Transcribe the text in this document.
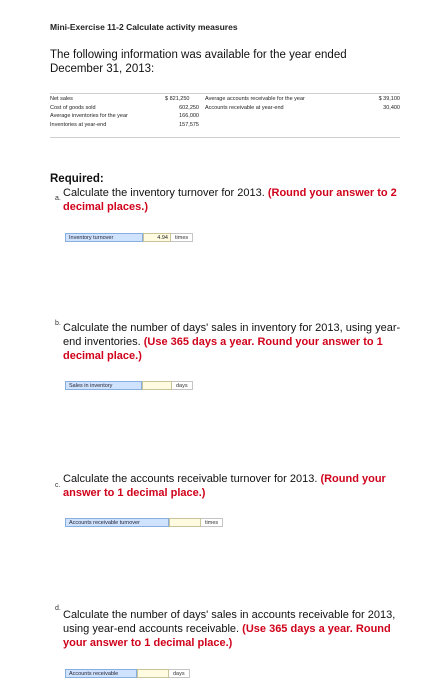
Mini-Exercise 11-2 Calculate activity measures
The following information was available for the year ended December 31, 2013:
Net sales	$ 821,250	Average accounts receivable for the year	$ 39,100
Cost of goods sold	602,250	Accounts receivable at year-end	30,400
Average inventories for the year	166,000		
Inventories at year-end	157,575		
Required:
a. Calculate the inventory turnover for 2013. (Round your answer to 2 decimal places.)
Inventory turnover	4.94	times
b. Calculate the number of days' sales in inventory for 2013, using year-end inventories. (Use 365 days a year. Round your answer to 1 decimal place.)
Sales in inventory	days
c.
Calculate the accounts receivable turnover for 2013. (Round your answer to 1 decimal place.)
Accounts receivable turnover	times
d.
Calculate the number of days' sales in accounts receivable for 2013, using year-end accounts receivable. (Use 365 days a year. Round your answer to 1 decimal place.)
Accounts receivable	days
